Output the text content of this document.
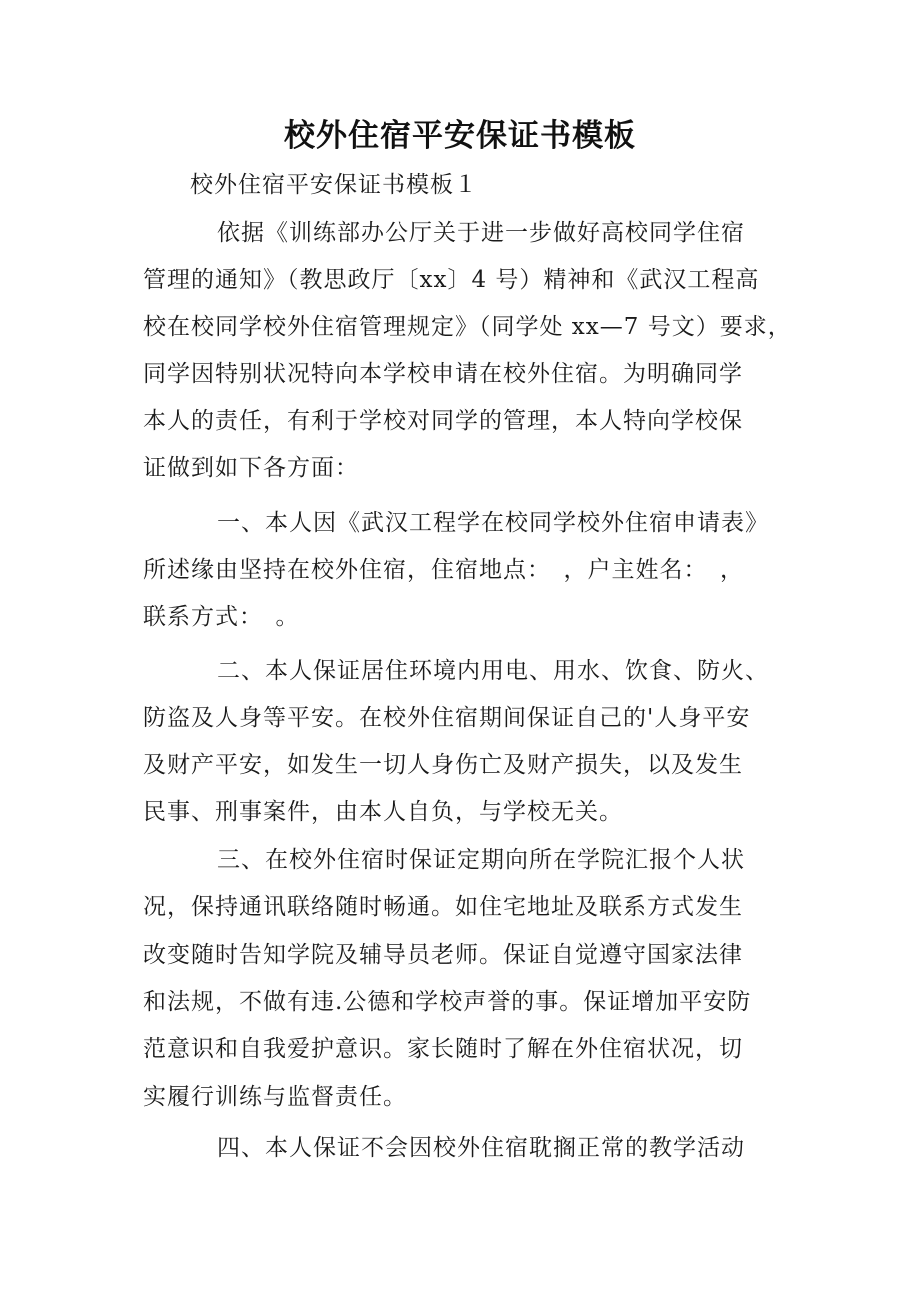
校外住宿平安保证书模板
校外住宿平安保证书模板１
依据《训练部办公厅关于进一步做好高校同学住宿
管理的通知》（教思政厅〔xx〕4 号）精神和《武汉工程高
校在校同学校外住宿管理规定》（同学处 xx—7 号文）要求，
同学因特别状况特向本学校申请在校外住宿。为明确同学
本人的责任，有利于学校对同学的管理，本人特向学校保
证做到如下各方面：
一、本人因《武汉工程学在校同学校外住宿申请表》
所述缘由坚持在校外住宿，住宿地点：　，户主姓名：　，
联系方式：　。
二、本人保证居住环境内用电、用水、饮食、防火、
防盗及人身等平安。在校外住宿期间保证自己的'人身平安
及财产平安，如发生一切人身伤亡及财产损失，以及发生
民事、刑事案件，由本人自负，与学校无关。
三、在校外住宿时保证定期向所在学院汇报个人状
况，保持通讯联络随时畅通。如住宅地址及联系方式发生
改变随时告知学院及辅导员老师。保证自觉遵守国家法律
和法规，不做有违.公德和学校声誉的事。保证增加平安防
范意识和自我爱护意识。家长随时了解在外住宿状况，切
实履行训练与监督责任。
四、本人保证不会因校外住宿耽搁正常的教学活动
